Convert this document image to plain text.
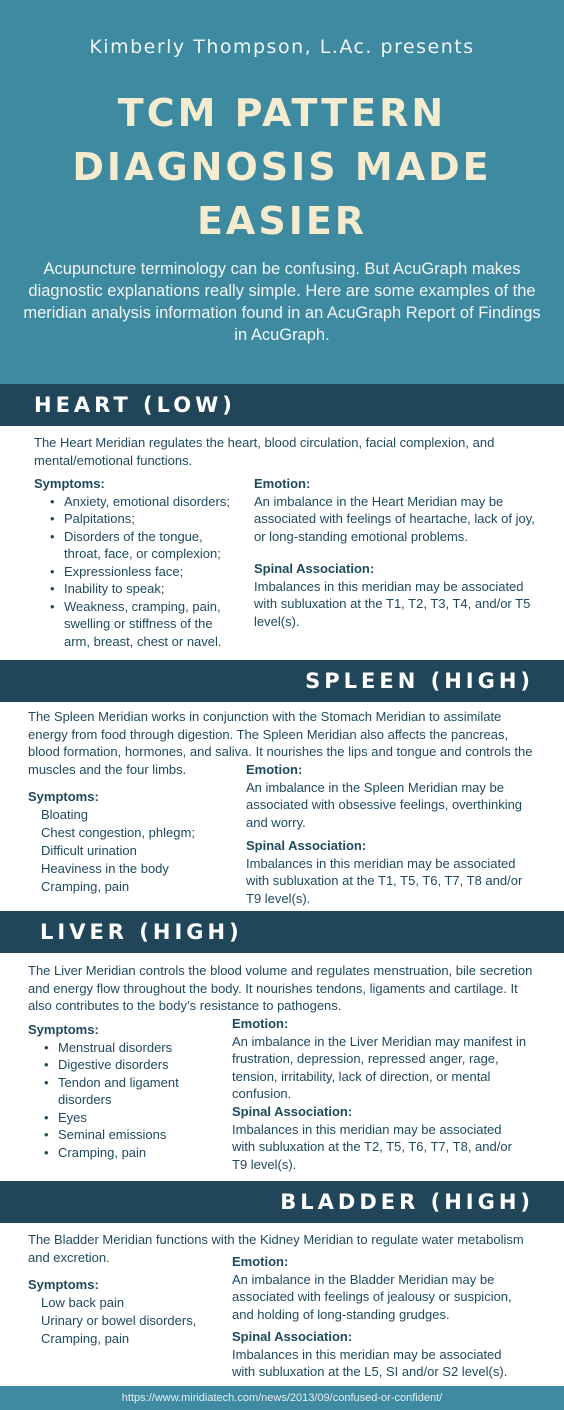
Kimberly Thompson, L.Ac. presents
TCM PATTERN DIAGNOSIS MADE EASIER
Acupuncture terminology can be confusing. But AcuGraph makes diagnostic explanations really simple. Here are some examples of the meridian analysis information found in an AcuGraph Report of Findings in AcuGraph.
HEART (LOW)
The Heart Meridian regulates the heart, blood circulation, facial complexion, and mental/emotional functions.
Symptoms:
• Anxiety, emotional disorders;
• Palpitations;
• Disorders of the tongue, throat, face, or complexion;
• Expressionless face;
• Inability to speak;
• Weakness, cramping, pain, swelling or stiffness of the arm, breast, chest or navel.
Emotion:
An imbalance in the Heart Meridian may be associated with feelings of heartache, lack of joy, or long-standing emotional problems.
Spinal Association:
Imbalances in this meridian may be associated with subluxation at the T1, T2, T3, T4, and/or T5 level(s).
SPLEEN (HIGH)
The Spleen Meridian works in conjunction with the Stomach Meridian to assimilate energy from food through digestion. The Spleen Meridian also affects the pancreas, blood formation, hormones, and saliva. It nourishes the lips and tongue and controls the muscles and the four limbs.
Symptoms:
Bloating
Chest congestion, phlegm;
Difficult urination
Heaviness in the body
Cramping, pain
Emotion:
An imbalance in the Spleen Meridian may be associated with obsessive feelings, overthinking and worry.
Spinal Association:
Imbalances in this meridian may be associated with subluxation at the T1, T5, T6, T7, T8 and/or T9 level(s).
LIVER (HIGH)
The Liver Meridian controls the blood volume and regulates menstruation, bile secretion and energy flow throughout the body. It nourishes tendons, ligaments and cartilage. It also contributes to the body’s resistance to pathogens.
Symptoms:
• Menstrual disorders
• Digestive disorders
• Tendon and ligament disorders
• Eyes
• Seminal emissions
• Cramping, pain
Emotion:
An imbalance in the Liver Meridian may manifest in frustration, depression, repressed anger, rage, tension, irritability, lack of direction, or mental confusion.
Spinal Association:
Imbalances in this meridian may be associated with subluxation at the T2, T5, T6, T7, T8, and/or T9 level(s).
BLADDER (HIGH)
The Bladder Meridian functions with the Kidney Meridian to regulate water metabolism and excretion.
Symptoms:
Low back pain
Urinary or bowel disorders,
Cramping, pain
Emotion:
An imbalance in the Bladder Meridian may be associated with feelings of jealousy or suspicion, and holding of long-standing grudges.
Spinal Association:
Imbalances in this meridian may be associated with subluxation at the L5, SI and/or S2 level(s).
https://www.miridiatech.com/news/2013/09/confused-or-confident/
